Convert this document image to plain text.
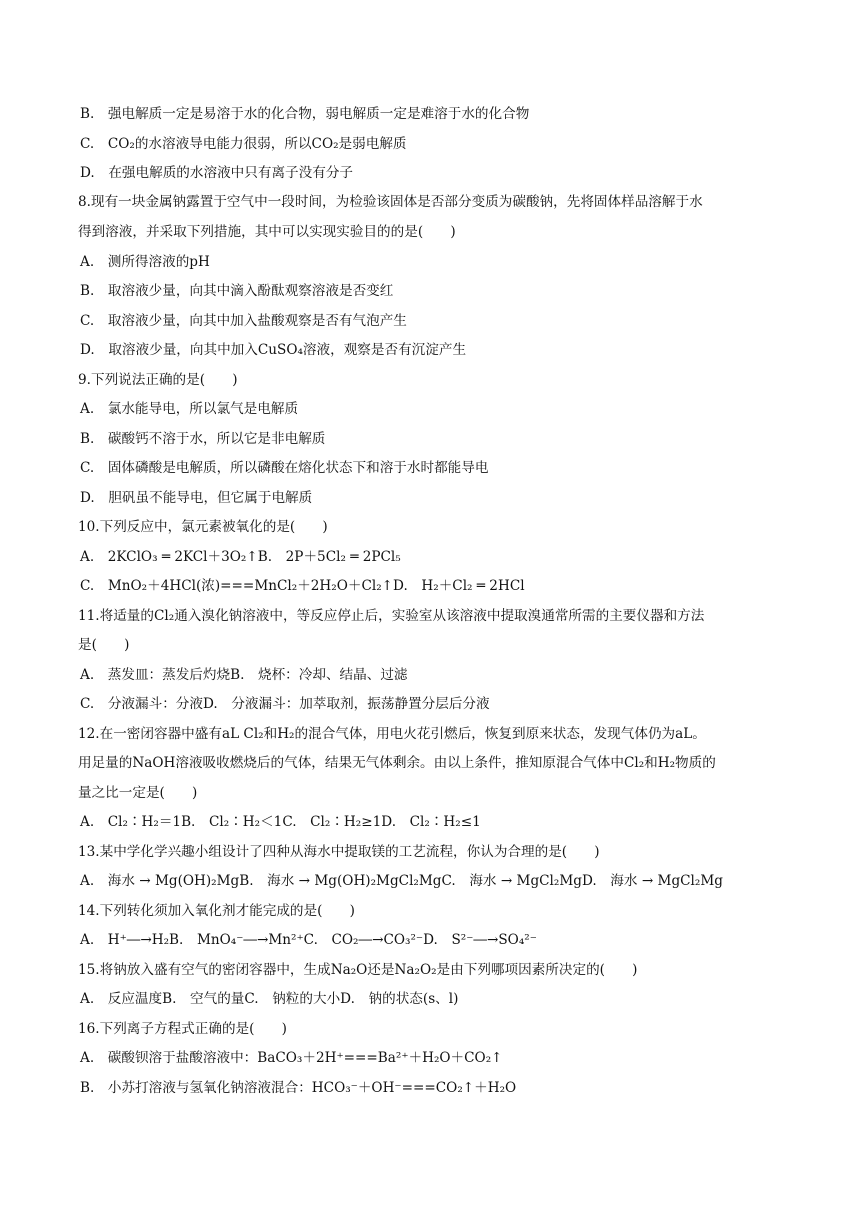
B.　强电解质一定是易溶于水的化合物，弱电解质一定是难溶于水的化合物
C.　CO₂的水溶液导电能力很弱，所以CO₂是弱电解质
D.　在强电解质的水溶液中只有离子没有分子
8.现有一块金属钠露置于空气中一段时间，为检验该固体是否部分变质为碳酸钠，先将固体样品溶解于水
得到溶液，并采取下列措施，其中可以实现实验目的的是(　　)
A.　测所得溶液的pH
B.　取溶液少量，向其中滴入酚酞观察溶液是否变红
C.　取溶液少量，向其中加入盐酸观察是否有气泡产生
D.　取溶液少量，向其中加入CuSO₄溶液，观察是否有沉淀产生
9.下列说法正确的是(　　)
A.　氯水能导电，所以氯气是电解质
B.　碳酸钙不溶于水，所以它是非电解质
C.　固体磷酸是电解质，所以磷酸在熔化状态下和溶于水时都能导电
D.　胆矾虽不能导电，但它属于电解质
10.下列反应中，氯元素被氧化的是(　　)
A.　2KClO₃ ═ 2KCl＋3O₂↑B.　2P＋5Cl₂ ═ 2PCl₅
C.　MnO₂＋4HCl(浓)===MnCl₂＋2H₂O＋Cl₂↑D.　H₂＋Cl₂ ═ 2HCl
11.将适量的Cl₂通入溴化钠溶液中，等反应停止后，实验室从该溶液中提取溴通常所需的主要仪器和方法
是(　　)
A.　蒸发皿：蒸发后灼烧B.　烧杯：冷却、结晶、过滤
C.　分液漏斗：分液D.　分液漏斗：加萃取剂，振荡静置分层后分液
12.在一密闭容器中盛有aL Cl₂和H₂的混合气体，用电火花引燃后，恢复到原来状态，发现气体仍为aL。
用足量的NaOH溶液吸收燃烧后的气体，结果无气体剩余。由以上条件，推知原混合气体中Cl₂和H₂物质的
量之比一定是(　　)
A.　Cl₂∶H₂＝1B.　Cl₂∶H₂＜1C.　Cl₂∶H₂≥1D.　Cl₂∶H₂≤1
13.某中学化学兴趣小组设计了四种从海水中提取镁的工艺流程，你认为合理的是(　　)
A.　海水 → Mg(OH)₂MgB.　海水 → Mg(OH)₂MgCl₂MgC.　海水 → MgCl₂MgD.　海水 → MgCl₂Mg
14.下列转化须加入氧化剂才能完成的是(　　)
A.　H⁺―→H₂B.　MnO₄⁻―→Mn²⁺C.　CO₂―→CO₃²⁻D.　S²⁻―→SO₄²⁻
15.将钠放入盛有空气的密闭容器中，生成Na₂O还是Na₂O₂是由下列哪项因素所决定的(　　)
A.　反应温度B.　空气的量C.　钠粒的大小D.　钠的状态(s、l)
16.下列离子方程式正确的是(　　)
A.　碳酸钡溶于盐酸溶液中：BaCO₃＋2H⁺===Ba²⁺＋H₂O＋CO₂↑
B.　小苏打溶液与氢氧化钠溶液混合：HCO₃⁻＋OH⁻===CO₂↑＋H₂O
